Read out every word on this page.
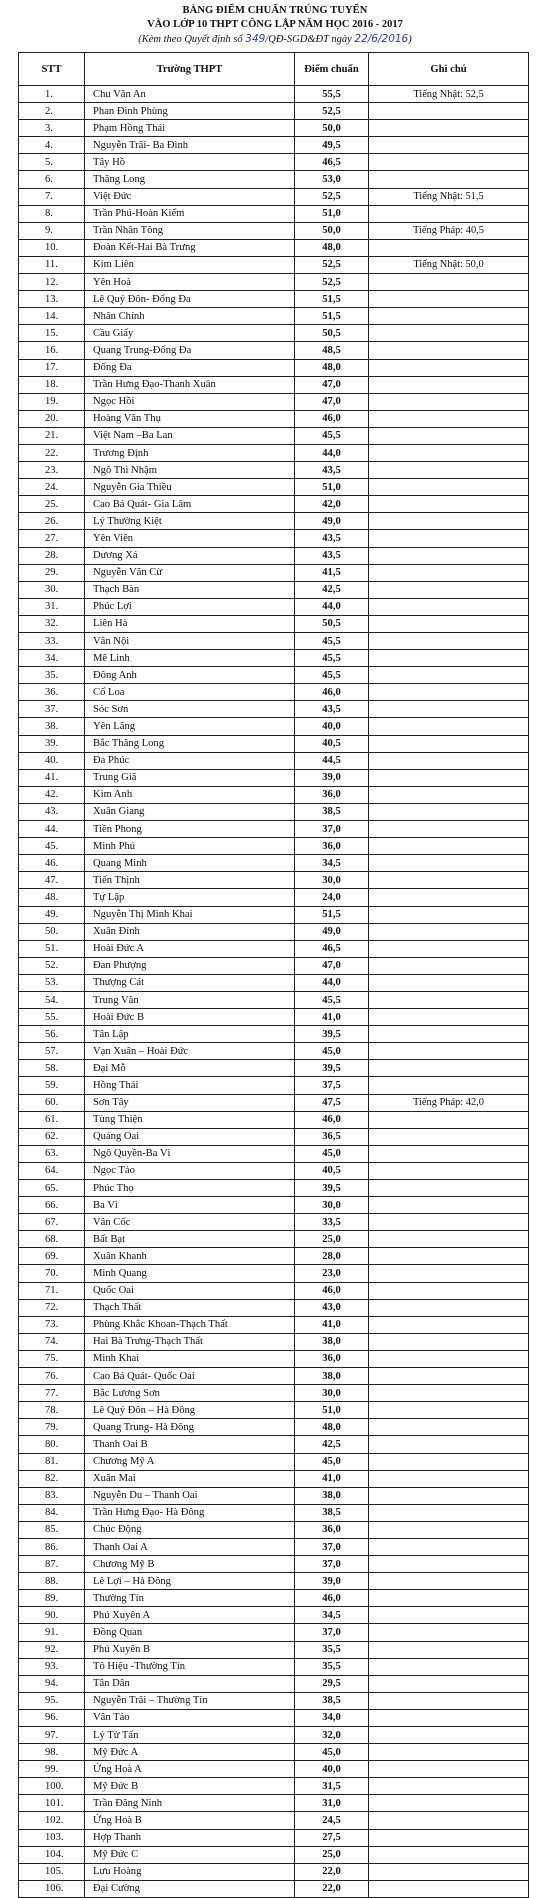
BẢNG ĐIỂM CHUẨN TRÚNG TUYỂN
VÀO LỚP 10 THPT CÔNG LẬP NĂM HỌC 2016 - 2017
(Kèm theo Quyết định số 349/QĐ-SGD&ĐT ngày 22/6/2016)
STT	Trường THPT	Điểm chuẩn	Ghi chú
1.	Chu Văn An	55,5	Tiếng Nhật: 52,5
2.	Phan Đình Phùng	52,5	
3.	Phạm Hồng Thái	50,0	
4.	Nguyễn Trãi- Ba Đình	49,5	
5.	Tây Hồ	46,5	
6.	Thăng Long	53,0	
7.	Việt Đức	52,5	Tiếng Nhật: 51,5
8.	Trần Phú-Hoàn Kiếm	51,0	
9.	Trần Nhân Tông	50,0	Tiếng Pháp: 40,5
10.	Đoàn Kết-Hai Bà Trưng	48,0	
11.	Kim Liên	52,5	Tiếng Nhật: 50,0
12.	Yên Hoà	52,5	
13.	Lê Quý Đôn- Đống Đa	51,5	
14.	Nhân Chính	51,5	
15.	Cầu Giấy	50,5	
16.	Quang Trung-Đống Đa	48,5	
17.	Đống Đa	48,0	
18.	Trần Hưng Đạo-Thanh Xuân	47,0	
19.	Ngọc Hồi	47,0	
20.	Hoàng Văn Thụ	46,0	
21.	Việt Nam –Ba Lan	45,5	
22.	Trương Định	44,0	
23.	Ngô Thì Nhậm	43,5	
24.	Nguyễn Gia Thiều	51,0	
25.	Cao Bá Quát- Gia Lâm	42,0	
26.	Lý Thường Kiệt	49,0	
27.	Yên Viên	43,5	
28.	Dương Xá	43,5	
29.	Nguyễn Văn Cừ	41,5	
30.	Thạch Bàn	42,5	
31.	Phúc Lợi	44,0	
32.	Liên Hà	50,5	
33.	Vân Nội	45,5	
34.	Mê Linh	45,5	
35.	Đông Anh	45,5	
36.	Cổ Loa	46,0	
37.	Sóc Sơn	43,5	
38.	Yên Lãng	40,0	
39.	Bắc Thăng Long	40,5	
40.	Đa Phúc	44,5	
41.	Trung Giã	39,0	
42.	Kim Anh	36,0	
43.	Xuân Giang	38,5	
44.	Tiền Phong	37,0	
45.	Minh Phú	36,0	
46.	Quang Minh	34,5	
47.	Tiến Thịnh	30,0	
48.	Tự Lập	24,0	
49.	Nguyễn Thị Minh Khai	51,5	
50.	Xuân Đỉnh	49,0	
51.	Hoài Đức A	46,5	
52.	Đan Phượng	47,0	
53.	Thượng Cát	44,0	
54.	Trung Văn	45,5	
55.	Hoài Đức B	41,0	
56.	Tân Lập	39,5	
57.	Vạn Xuân – Hoài Đức	45,0	
58.	Đại Mỗ	39,5	
59.	Hồng Thái	37,5	
60.	Sơn Tây	47,5	Tiếng Pháp: 42,0
61.	Tùng Thiện	46,0	
62.	Quảng Oai	36,5	
63.	Ngô Quyền-Ba Vì	45,0	
64.	Ngọc Tảo	40,5	
65.	Phúc Thọ	39,5	
66.	Ba Vì	30,0	
67.	Vân Cốc	33,5	
68.	Bất Bạt	25,0	
69.	Xuân Khanh	28,0	
70.	Minh Quang	23,0	
71.	Quốc Oai	46,0	
72.	Thạch Thất	43,0	
73.	Phùng Khắc Khoan-Thạch Thất	41,0	
74.	Hai Bà Trưng-Thạch Thất	38,0	
75.	Minh Khai	36,0	
76.	Cao Bá Quát- Quốc Oai	38,0	
77.	Bắc Lương Sơn	30,0	
78.	Lê Quý Đôn – Hà Đông	51,0	
79.	Quang Trung- Hà Đông	48,0	
80.	Thanh Oai B	42,5	
81.	Chương Mỹ A	45,0	
82.	Xuân Mai	41,0	
83.	Nguyễn Du – Thanh Oai	38,0	
84.	Trần Hưng Đạo- Hà Đông	38,5	
85.	Chúc Động	36,0	
86.	Thanh Oai A	37,0	
87.	Chương Mỹ B	37,0	
88.	Lê Lợi – Hà Đông	39,0	
89.	Thường Tín	46,0	
90.	Phú Xuyên A	34,5	
91.	Đồng Quan	37,0	
92.	Phú Xuyên B	35,5	
93.	Tô Hiệu -Thường Tín	35,5	
94.	Tân Dân	29,5	
95.	Nguyễn Trãi – Thường Tín	38,5	
96.	Vân Tảo	34,0	
97.	Lý Tử Tấn	32,0	
98.	Mỹ Đức A	45,0	
99.	Ứng Hoà A	40,0	
100.	Mỹ Đức B	31,5	
101.	Trần Đăng Ninh	31,0	
102.	Ứng Hoà B	24,5	
103.	Hợp Thanh	27,5	
104.	Mỹ Đức C	25,0	
105.	Lưu Hoàng	22,0	
106.	Đại Cường	22,0	
